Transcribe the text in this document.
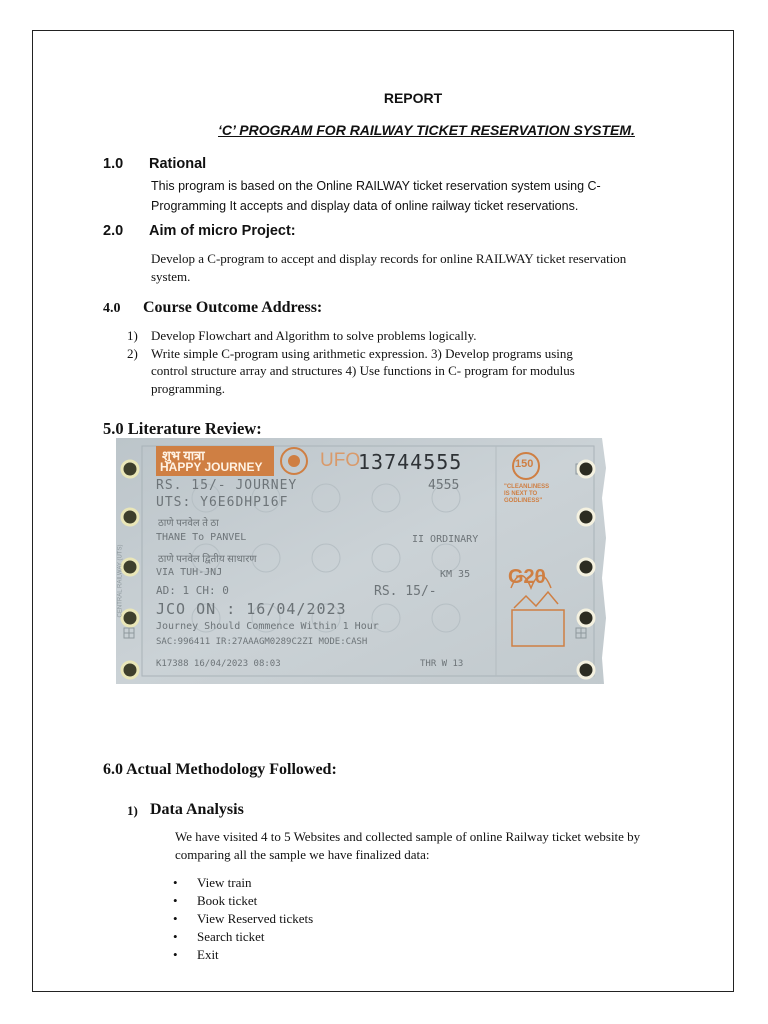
REPORT
‘C’ PROGRAM FOR RAILWAY TICKET RESERVATION SYSTEM.
1.0 Rational
This program is based on the Online RAILWAY ticket reservation system using C-Programming It accepts and display data of online railway ticket reservations.
2.0 Aim of micro Project:
Develop a C-program to accept and display records for online RAILWAY ticket reservation system.
4.0 Course Outcome Address:
1) Develop Flowchart and Algorithm to solve problems logically.
2) Write simple C-program using arithmetic expression. 3) Develop programs using control structure array and structures 4) Use functions in C- program for modulus programming.
5.0 Literature Review:
शुभ यात्रा
HAPPY JOURNEY	UFO
13744555	150
"CLEANLINESS
IS NEXT TO
GODLINESS"
G20
RS. 15/- JOURNEY	4555
UTS: Y6E6DHP16F
ठाणे पनवेल ते ठा
THANE To PANVEL	II ORDINARY
ठाणे पनवेल द्वितीय साधारण
VIA TUH-JNJ	KM 35
AD: 1 CH: 0	RS. 15/-
JCO ON : 16/04/2023
Journey Should Commence Within 1 Hour
SAC:996411 IR:27AAAGM0289C2ZI MODE:CASH
K17388 16/04/2023 08:03	THR W 13
CENTRAL RAILWAY (UTS)
6.0 Actual Methodology Followed:
1) Data Analysis
We have visited 4 to 5 Websites and collected sample of online Railway ticket website by comparing all the sample we have finalized data:
• View train
• Book ticket
• View Reserved tickets
• Search ticket
• Exit
